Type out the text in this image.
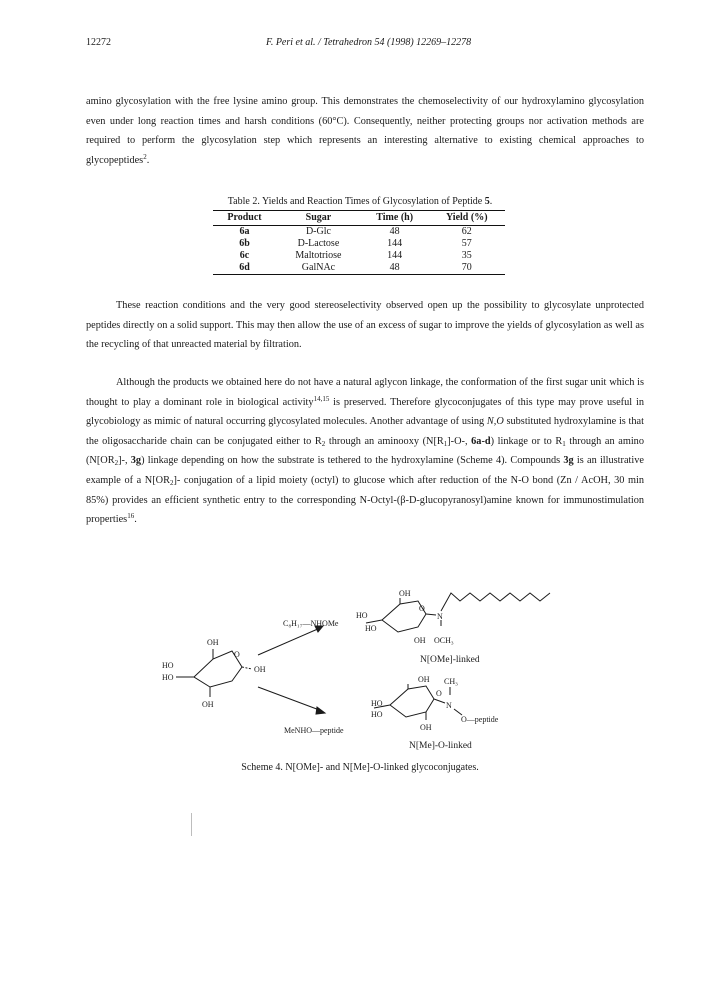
12272	F. Peri et al. / Tetrahedron 54 (1998) 12269–12278

amino glycosylation with the free lysine amino group. This demonstrates the chemoselectivity of our hydroxylamino glycosylation even under long reaction times and harsh conditions (60°C). Consequently, neither protecting groups nor activation methods are required to perform the glycosylation step which represents an interesting alternative to existing chemical approaches to glycopeptides$^2$.

Table 2. Yields and Reaction Times of Glycosylation of Peptide 5.
Product	Sugar	Time (h)	Yield (%)
6a	D-Glc	48	62
6b	D-Lactose	144	57
6c	Maltotriose	144	35
6d	GalNAc	48	70

These reaction conditions and the very good stereoselectivity observed open up the possibility to glycosylate unprotected peptides directly on a solid support. This may then allow the use of an excess of sugar to improve the yields of glycosylation as well as the recycling of that unreacted material by filtration.

Although the products we obtained here do not have a natural aglycon linkage, the conformation of the first sugar unit which is thought to play a dominant role in biological activity$^{14,15}$ is preserved. Therefore glycoconjugates of this type may prove useful in glycobiology as mimic of natural occurring glycosylated molecules. Another advantage of using N,O substituted hydroxylamine is that the oligosaccharide chain can be conjugated either to $R_2$ through an aminooxy ($N[R_1]-O-$, 6a-d) linkage or to $R_1$ through an amino ($N[OR_2]-$, 3g) linkage depending on how the substrate is tethered to the hydroxylamine (Scheme 4). Compounds 3g is an illustrative example of a $N[OR_2]-$ conjugation of a lipid moiety (octyl) to glucose which after reduction of the N-O bond (Zn / AcOH, 30 min 85%) provides an efficient synthetic entry to the corresponding N-Octyl-(β-D-glucopyranosyl)amine known for immunostimulation properties$^{16}$.

OH
HO
HO
O
OH
OH
C₈H₁₇—NHOMe
MeNHO—peptide
OH
HO
HO
O
N
OH OCH₃
N[OMe]-linked
OH
HO
HO
O
CH₃
N
O—peptide
OH
N[Me]-O-linked
Scheme 4. N[OMe]- and N[Me]-O-linked glycoconjugates.
